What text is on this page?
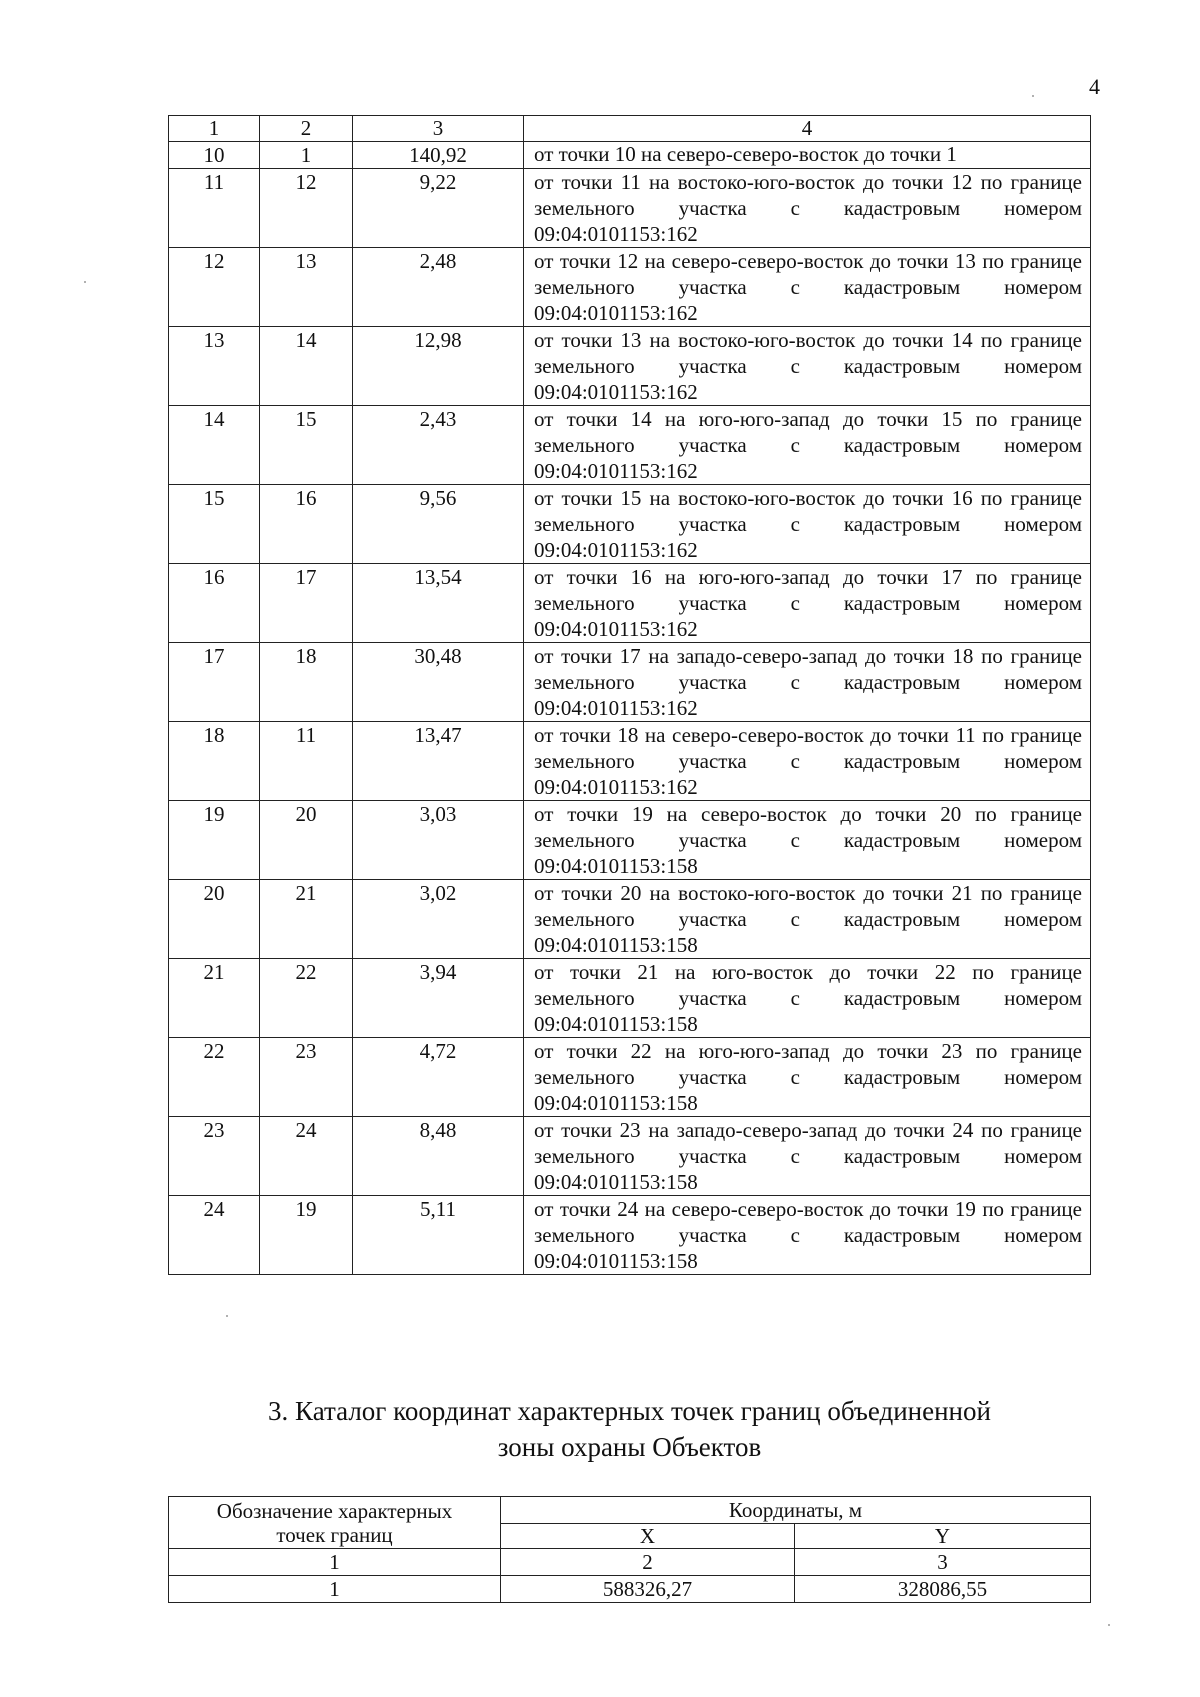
4
1	2	3	4
10	1	140,92	от точки 10 на северо-северо-восток до точки 1
11	12	9,22	от точки 11 на востоко-юго-восток до точки 12 по границе земельного участка с кадастровым номером 09:04:0101153:162
12	13	2,48	от точки 12 на северо-северо-восток до точки 13 по границе земельного участка с кадастровым номером 09:04:0101153:162
13	14	12,98	от точки 13 на востоко-юго-восток до точки 14 по границе земельного участка с кадастровым номером 09:04:0101153:162
14	15	2,43	от точки 14 на юго-юго-запад до точки 15 по границе земельного участка с кадастровым номером 09:04:0101153:162
15	16	9,56	от точки 15 на востоко-юго-восток до точки 16 по границе земельного участка с кадастровым номером 09:04:0101153:162
16	17	13,54	от точки 16 на юго-юго-запад до точки 17 по границе земельного участка с кадастровым номером 09:04:0101153:162
17	18	30,48	от точки 17 на западо-северо-запад до точки 18 по границе земельного участка с кадастровым номером 09:04:0101153:162
18	11	13,47	от точки 18 на северо-северо-восток до точки 11 по границе земельного участка с кадастровым номером 09:04:0101153:162
19	20	3,03	от точки 19 на северо-восток до точки 20 по границе земельного участка с кадастровым номером 09:04:0101153:158
20	21	3,02	от точки 20 на востоко-юго-восток до точки 21 по границе земельного участка с кадастровым номером 09:04:0101153:158
21	22	3,94	от точки 21 на юго-восток до точки 22 по границе земельного участка с кадастровым номером 09:04:0101153:158
22	23	4,72	от точки 22 на юго-юго-запад до точки 23 по границе земельного участка с кадастровым номером 09:04:0101153:158
23	24	8,48	от точки 23 на западо-северо-запад до точки 24 по границе земельного участка с кадастровым номером 09:04:0101153:158
24	19	5,11	от точки 24 на северо-северо-восток до точки 19 по границе земельного участка с кадастровым номером 09:04:0101153:158
3. Каталог координат характерных точек границ объединенной
зоны охраны Объектов
Обозначение характерных
точек границ	Координаты, м	
	X	Y
1	2	3
1	588326,27	328086,55
